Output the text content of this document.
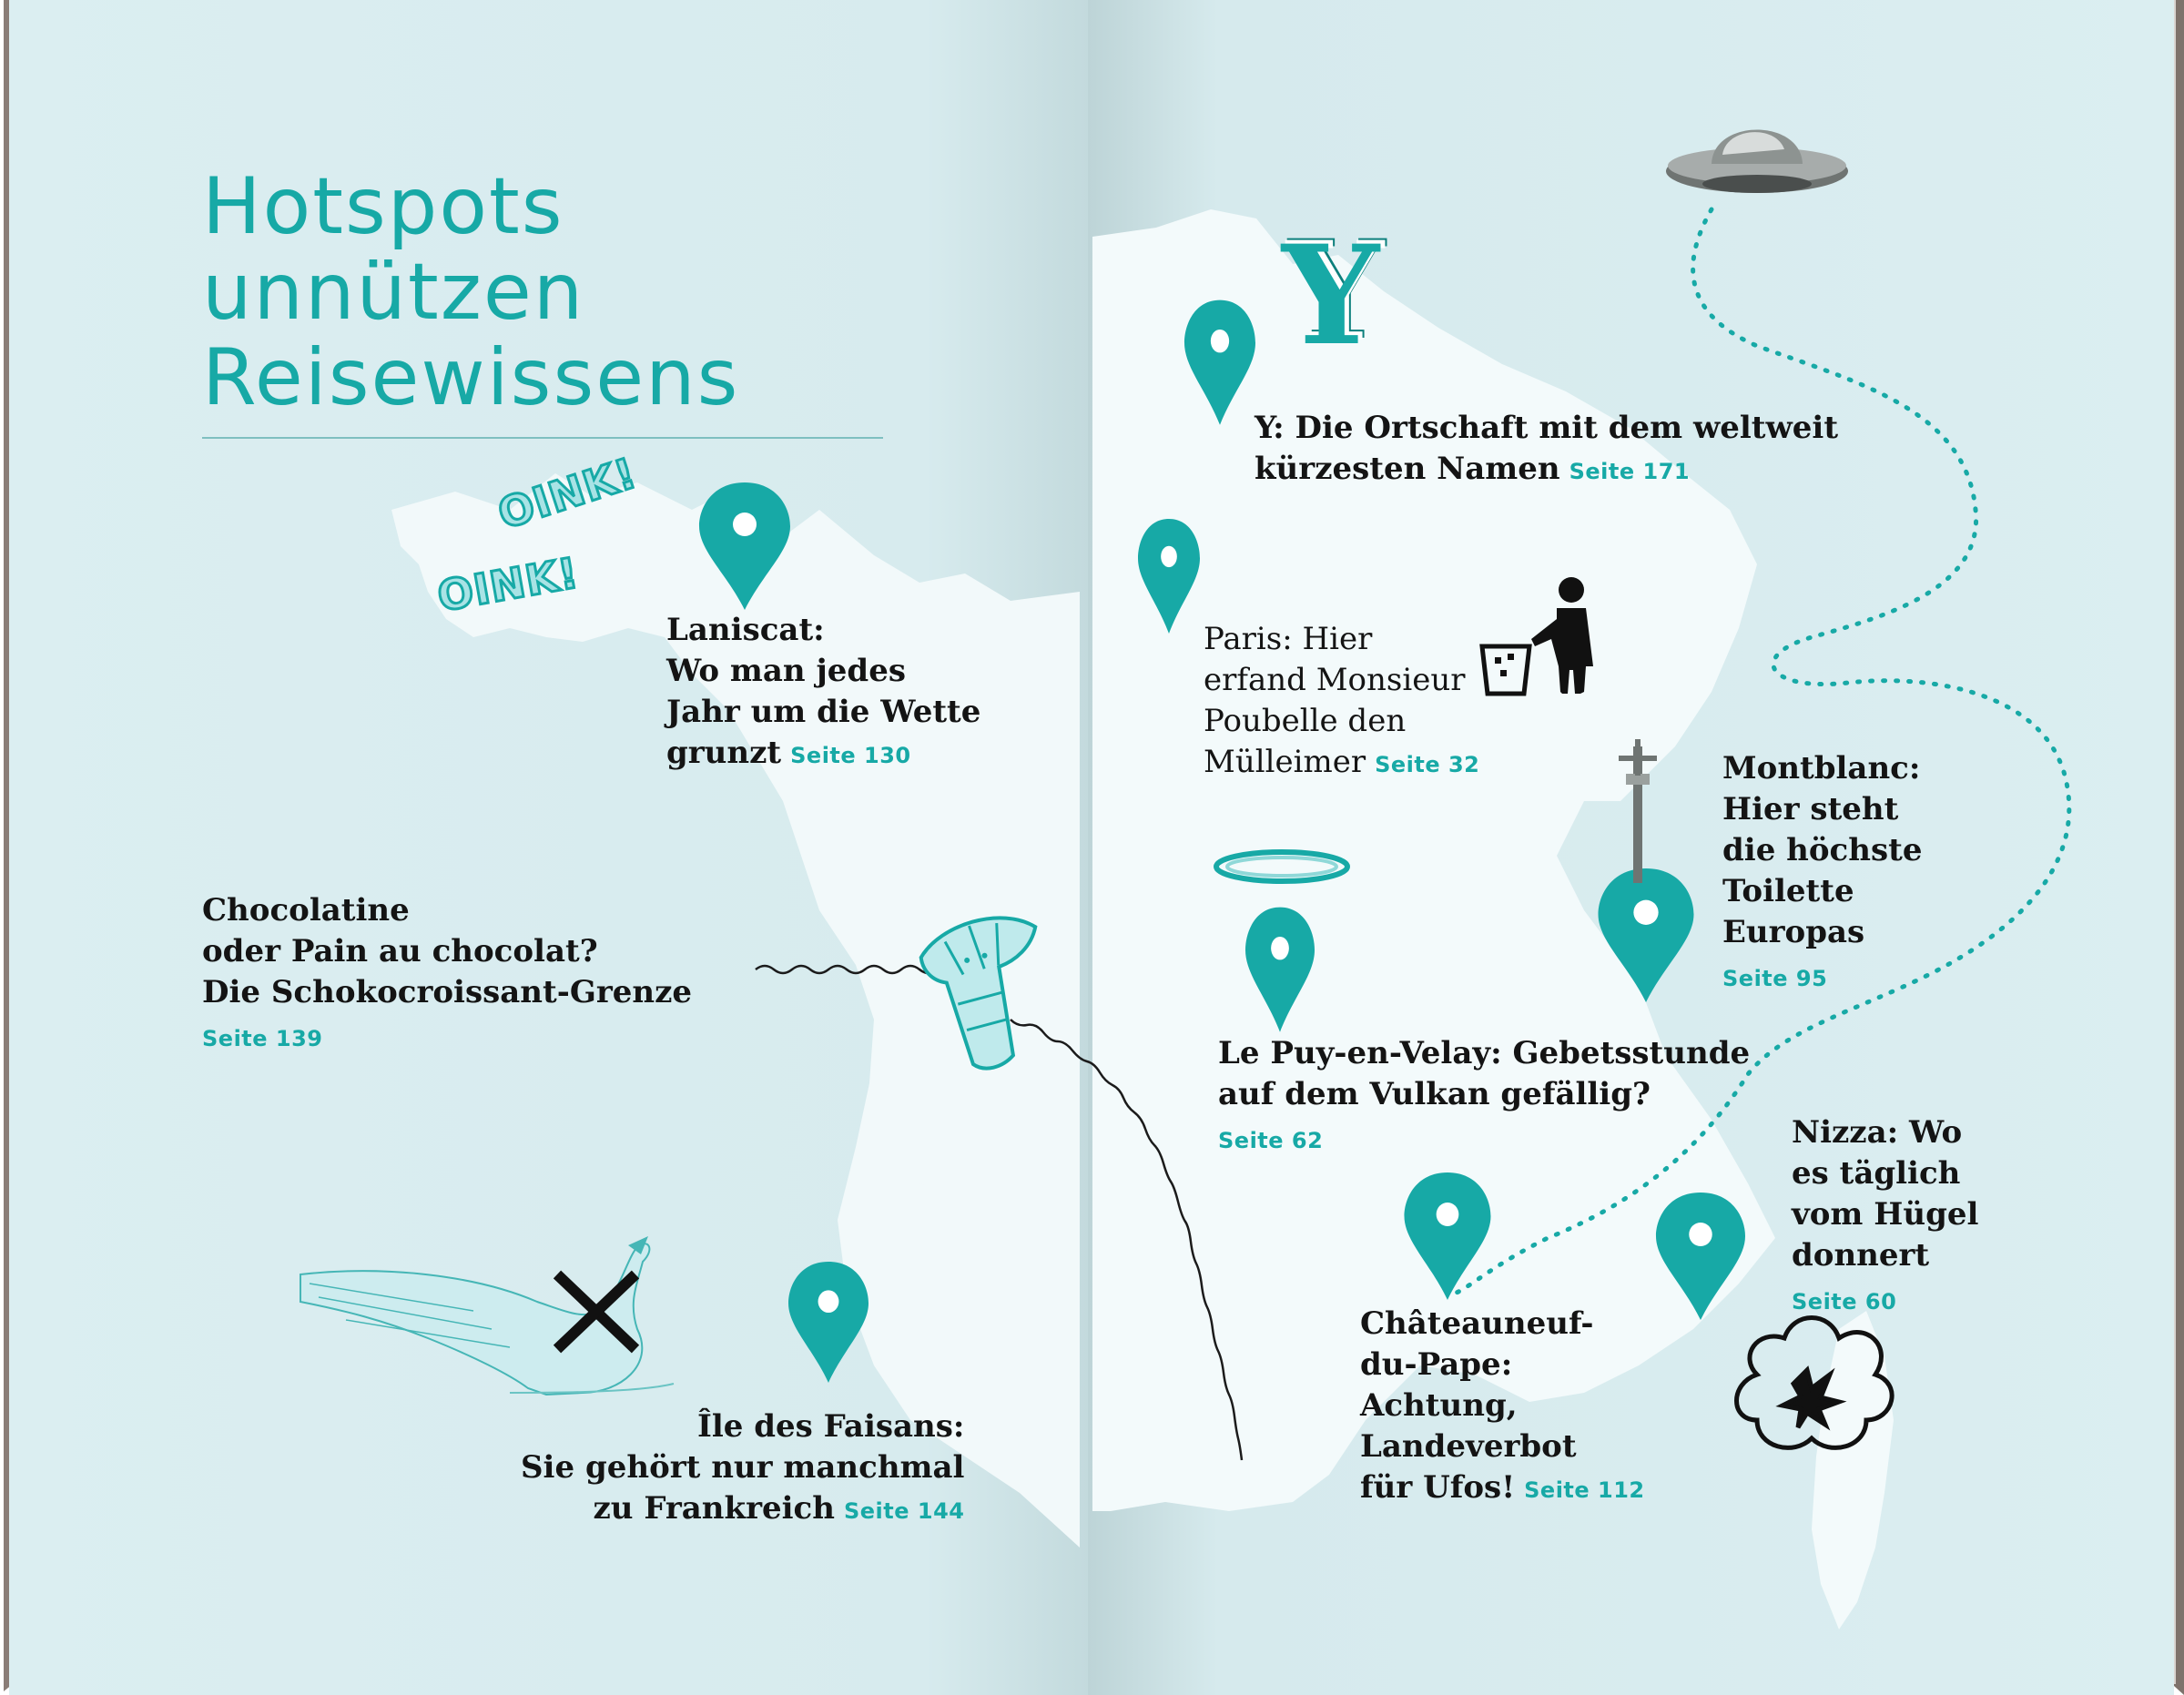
Hotspots
unnützen
Reisewissens
OINK!
OINK!
Y
Laniscat:
Wo man jedes
Jahr um die Wette
grunzt Seite 130
Chocolatine
oder Pain au chocolat?
Die Schokocroissant-Grenze
Seite 139
Île des Faisans:
Sie gehört nur manchmal
zu Frankreich Seite 144
Y: Die Ortschaft mit dem weltweit
kürzesten Namen Seite 171
Paris: Hier
erfand Monsieur
Poubelle den
Mülleimer Seite 32	Montblanc:
Hier steht
die höchste
Toilette
Europas
Seite 95
Le Puy-en-Velay: Gebetsstunde
auf dem Vulkan gefällig?
Seite 62	Nizza: Wo
es täglich
vom Hügel
donnert
Seite 60
Châteauneuf-
du-Pape:
Achtung,
Landeverbot
für Ufos! Seite 112
